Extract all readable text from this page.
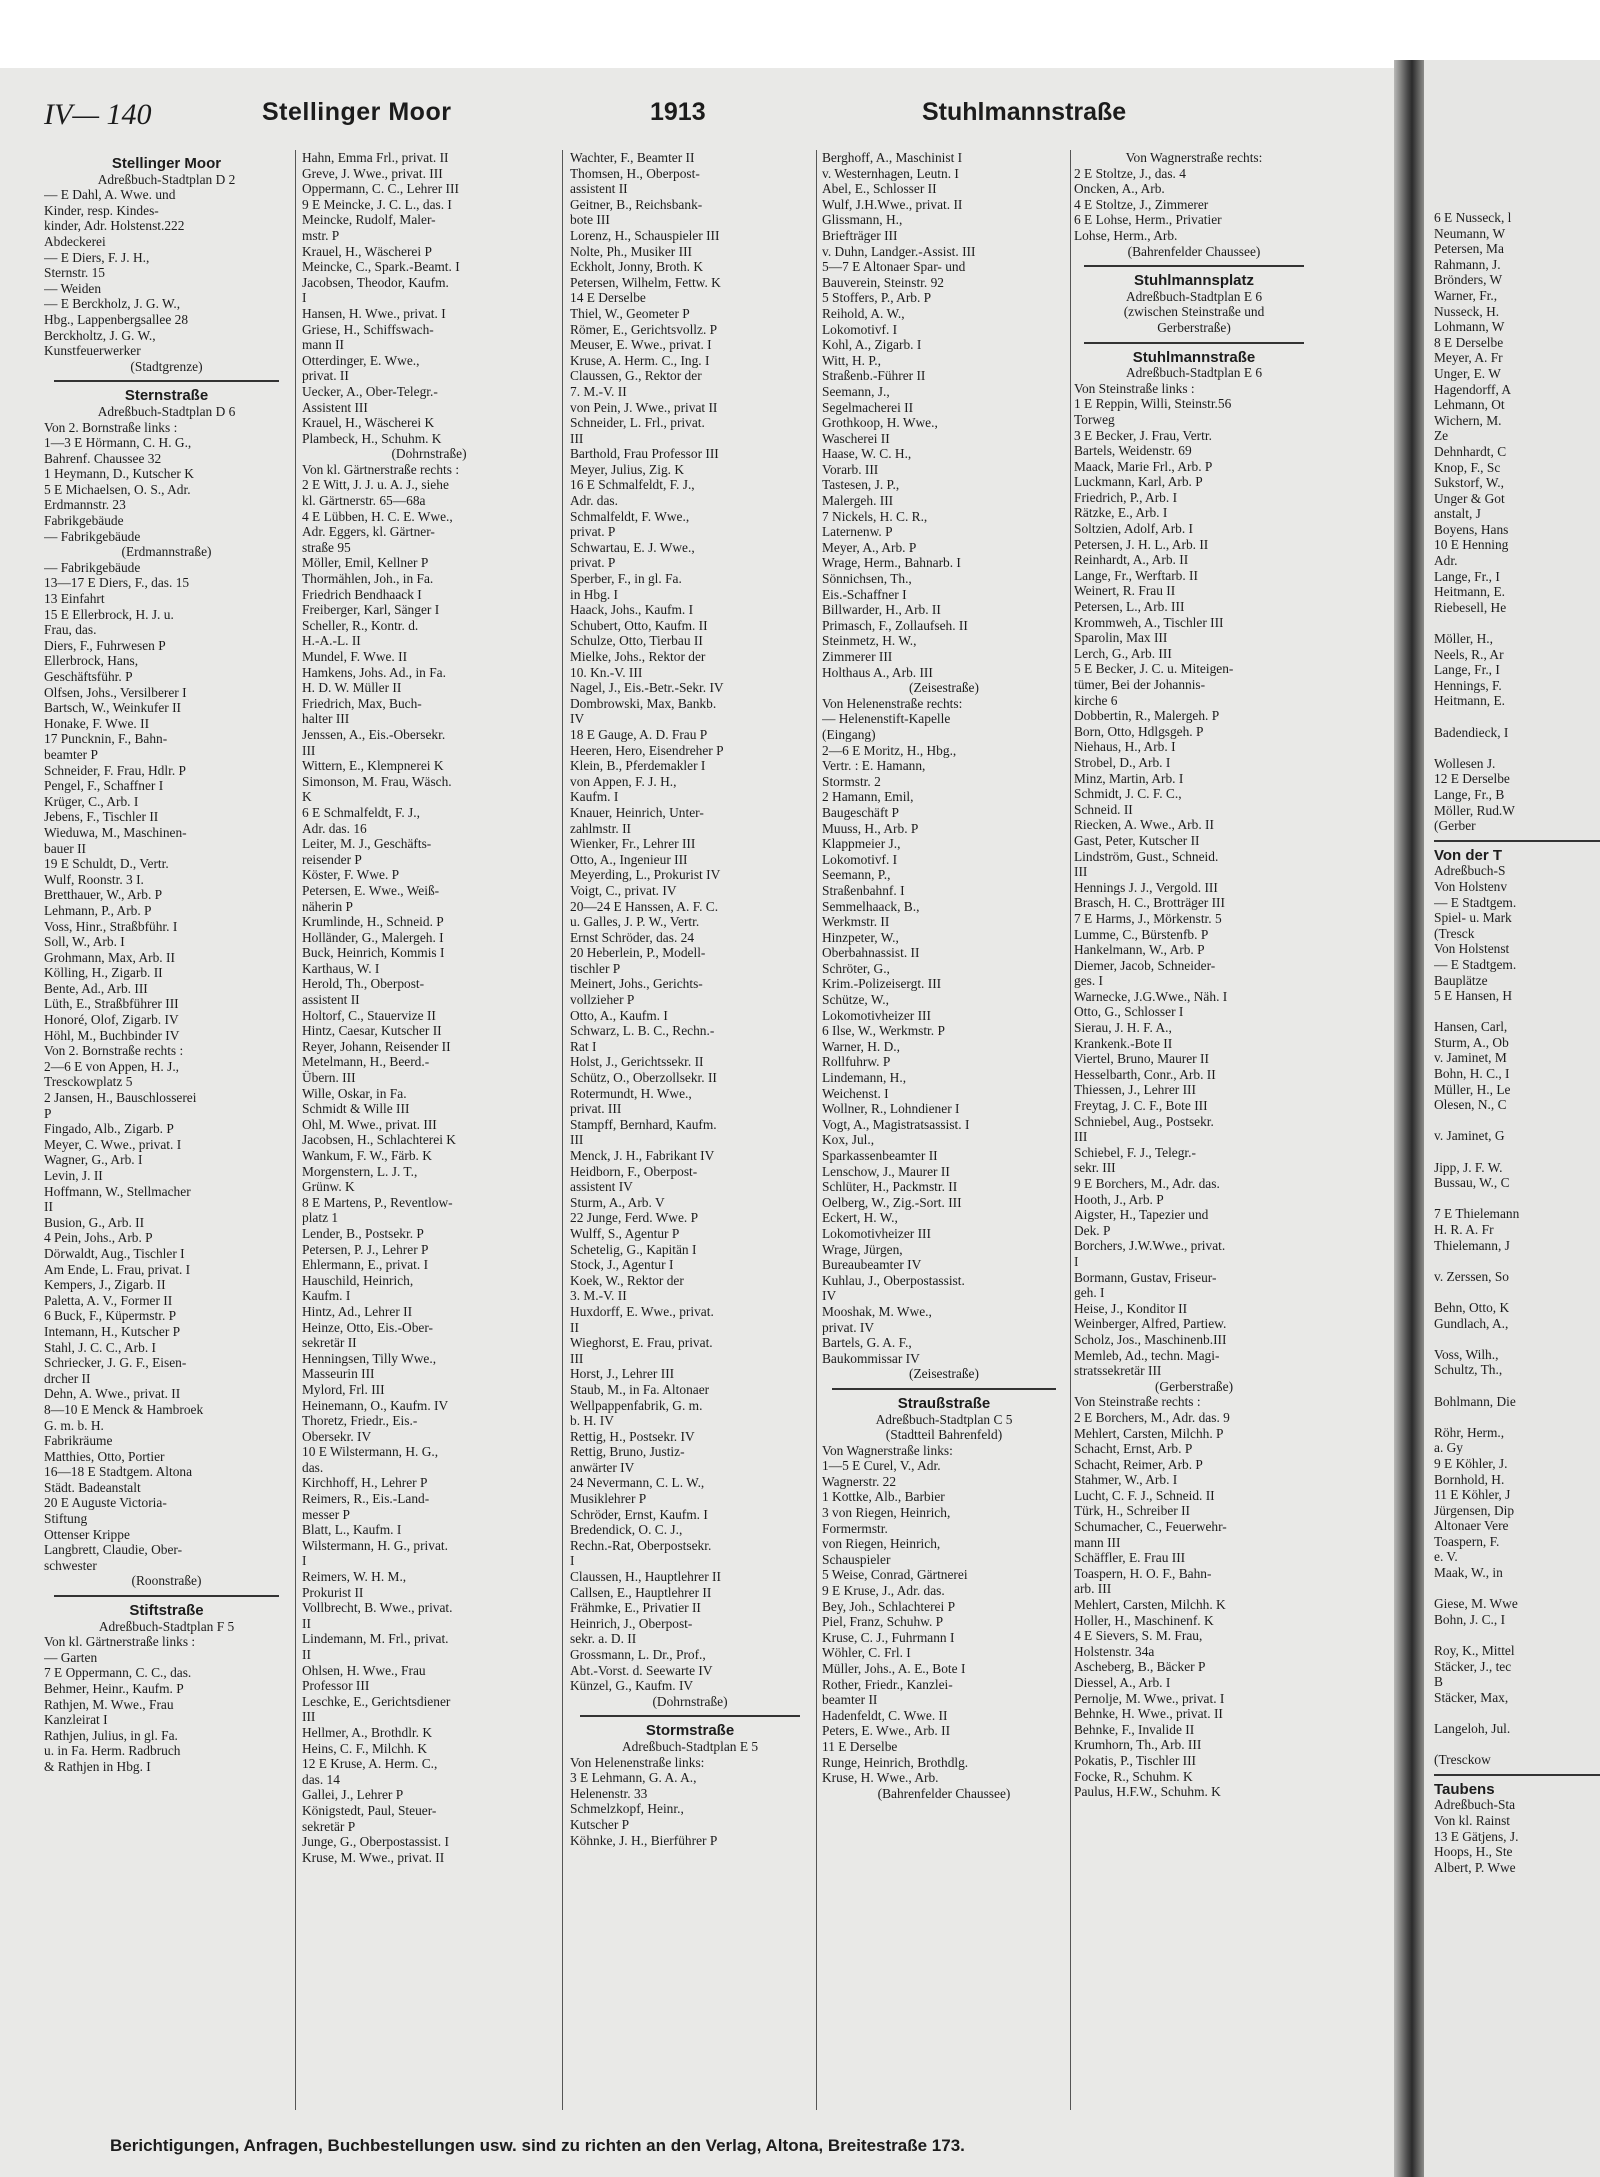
6 E Nusseck, l
Neumann, W
Petersen, Ma
Rahmann, J.
Brönders, W
Warner, Fr.,
Nusseck, H.
Lohmann, W
8 E Derselbe
Meyer, A. Fr
Unger, E. W
Hagendorff, A
Lehmann, Ot
Wichern, M.
Ze
Dehnhardt, C
Knop, F., Sc
Sukstorf, W.,
Unger & Got
anstalt, J
Boyens, Hans
10 E Henning
Adr.
Lange, Fr., I
Heitmann, E.
Riebesell, He

Möller, H.,
Neels, R., Ar
Lange, Fr., I
Hennings, F.
Heitmann, E.

Badendieck, I

Wollesen J.
12 E Derselbe
Lange, Fr., B
Möller, Rud.W
(Gerber
Von der T
Adreßbuch-S
Von Holstenv
— E Stadtgem.
Spiel- u. Mark
(Tresck
Von Holstenst
— E Stadtgem.
Bauplätze
5 E Hansen, H

Hansen, Carl,
Sturm, A., Ob
v. Jaminet, M
Bohn, H. C., I
Müller, H., Le
Olesen, N., C

v. Jaminet, G

Jipp, J. F. W.
Bussau, W., C

7 E Thielemann
H. R. A. Fr
Thielemann, J

v. Zerssen, So

Behn, Otto, K
Gundlach, A.,

Voss, Wilh.,
Schultz, Th.,

Bohlmann, Die

Röhr, Herm.,
a. Gy
9 E Köhler, J.
Bornhold, H.
11 E Köhler, J
Jürgensen, Dip
Altonaer Vere
Toaspern, F.
e. V.
Maak, W., in

Giese, M. Wwe
Bohn, J. C., I

Roy, K., Mittel
Stäcker, J., tec
B
Stäcker, Max,

Langeloh, Jul.

(Tresckow
Taubens
Adreßbuch-Sta
Von kl. Rainst
13 E Gätjens, J.
Hoops, H., Ste
Albert, P. Wwe
IV— 140	Stellinger Moor	1913	Stuhlmannstraße
Stellinger Moor
Adreßbuch-Stadtplan D 2
— E Dahl, A. Wwe. und
Kinder, resp. Kindes-
kinder, Adr. Holstenst.222
Abdeckerei
— E Diers, F. J. H.,
Sternstr. 15
— Weiden
— E Berckholz, J. G. W.,
Hbg., Lappenbergsallee 28
Berckholtz, J. G. W.,
Kunstfeuerwerker
(Stadtgrenze)
Sternstraße
Adreßbuch-Stadtplan D 6
Von 2. Bornstraße links :
1—3 E Hörmann, C. H. G.,
Bahrenf. Chaussee 32
1 Heymann, D., Kutscher K
5 E Michaelsen, O. S., Adr.
Erdmannstr. 23
Fabrikgebäude
— Fabrikgebäude
(Erdmannstraße)
— Fabrikgebäude
13—17 E Diers, F., das. 15
13 Einfahrt
15 E Ellerbrock, H. J. u.
Frau, das.
Diers, F., Fuhrwesen P
Ellerbrock, Hans,
Geschäftsführ. P
Olfsen, Johs., Versilberer I
Bartsch, W., Weinkufer II
Honake, F. Wwe. II
17 Puncknin, F., Bahn-
beamter P
Schneider, F. Frau, Hdlr. P
Pengel, F., Schaffner I
Krüger, C., Arb. I
Jebens, F., Tischler II
Wieduwa, M., Maschinen-
bauer II
19 E Schuldt, D., Vertr.
Wulf, Roonstr. 3 I.
Bretthauer, W., Arb. P
Lehmann, P., Arb. P
Voss, Hinr., Straßbführ. I
Soll, W., Arb. I
Grohmann, Max, Arb. II
Kölling, H., Zigarb. II
Bente, Ad., Arb. III
Lüth, E., Straßbführer III
Honoré, Olof, Zigarb. IV
Höhl, M., Buchbinder IV
Von 2. Bornstraße rechts :
2—6 E von Appen, H. J.,
Tresckowplatz 5
2 Jansen, H., Bauschlosserei
P
Fingado, Alb., Zigarb. P
Meyer, C. Wwe., privat. I
Wagner, G., Arb. I
Levin, J. II
Hoffmann, W., Stellmacher
II
Busion, G., Arb. II
4 Pein, Johs., Arb. P
Dörwaldt, Aug., Tischler I
Am Ende, L. Frau, privat. I
Kempers, J., Zigarb. II
Paletta, A. V., Former II
6 Buck, F., Küpermstr. P
Intemann, H., Kutscher P
Stahl, J. C. C., Arb. I
Schriecker, J. G. F., Eisen-
drcher II
Dehn, A. Wwe., privat. II
8—10 E Menck & Hambroek
G. m. b. H.
Fabrikräume
Matthies, Otto, Portier
16—18 E Stadtgem. Altona
Städt. Badeanstalt
20 E Auguste Victoria-
Stiftung
Ottenser Krippe
Langbrett, Claudie, Ober-
schwester
(Roonstraße)
Stiftstraße
Adreßbuch-Stadtplan F 5
Von kl. Gärtnerstraße links :
— Garten
7 E Oppermann, C. C., das.
Behmer, Heinr., Kaufm. P
Rathjen, M. Wwe., Frau
Kanzleirat I
Rathjen, Julius, in gl. Fa.
u. in Fa. Herm. Radbruch
& Rathjen in Hbg. I
Hahn, Emma Frl., privat. II
Greve, J. Wwe., privat. III
Oppermann, C. C., Lehrer III
9 E Meincke, J. C. L., das. I
Meincke, Rudolf, Maler-
mstr. P
Krauel, H., Wäscherei P
Meincke, C., Spark.-Beamt. I
Jacobsen, Theodor, Kaufm.
I
Hansen, H. Wwe., privat. I
Griese, H., Schiffswach-
mann II
Otterdinger, E. Wwe.,
privat. II
Uecker, A., Ober-Telegr.-
Assistent III
Krauel, H., Wäscherei K
Plambeck, H., Schuhm. K
(Dohrnstraße)
Von kl. Gärtnerstraße rechts :
2 E Witt, J. J. u. A. J., siehe
kl. Gärtnerstr. 65—68a
4 E Lübben, H. C. E. Wwe.,
Adr. Eggers, kl. Gärtner-
straße 95
Möller, Emil, Kellner P
Thormählen, Joh., in Fa.
Friedrich Bendhaack I
Freiberger, Karl, Sänger I
Scheller, R., Kontr. d.
H.-A.-L. II
Mundel, F. Wwe. II
Hamkens, Johs. Ad., in Fa.
H. D. W. Müller II
Friedrich, Max, Buch-
halter III
Jenssen, A., Eis.-Obersekr.
III
Wittern, E., Klempnerei K
Simonson, M. Frau, Wäsch.
K
6 E Schmalfeldt, F. J.,
Adr. das. 16
Leiter, M. J., Geschäfts-
reisender P
Köster, F. Wwe. P
Petersen, E. Wwe., Weiß-
näherin P
Krumlinde, H., Schneid. P
Holländer, G., Malergeh. I
Buck, Heinrich, Kommis I
Karthaus, W. I
Herold, Th., Oberpost-
assistent II
Holtorf, C., Stauervize II
Hintz, Caesar, Kutscher II
Reyer, Johann, Reisender II
Metelmann, H., Beerd.-
Übern. III
Wille, Oskar, in Fa.
Schmidt & Wille III
Ohl, M. Wwe., privat. III
Jacobsen, H., Schlachterei K
Wankum, F. W., Färb. K
Morgenstern, L. J. T.,
Grünw. K
8 E Martens, P., Reventlow-
platz 1
Lender, B., Postsekr. P
Petersen, P. J., Lehrer P
Ehlermann, E., privat. I
Hauschild, Heinrich,
Kaufm. I
Hintz, Ad., Lehrer II
Heinze, Otto, Eis.-Ober-
sekretär II
Henningsen, Tilly Wwe.,
Masseurin III
Mylord, Frl. III
Heinemann, O., Kaufm. IV
Thoretz, Friedr., Eis.-
Obersekr. IV
10 E Wilstermann, H. G.,
das.
Kirchhoff, H., Lehrer P
Reimers, R., Eis.-Land-
messer P
Blatt, L., Kaufm. I
Wilstermann, H. G., privat.
I
Reimers, W. H. M.,
Prokurist II
Vollbrecht, B. Wwe., privat.
II
Lindemann, M. Frl., privat.
II
Ohlsen, H. Wwe., Frau
Professor III
Leschke, E., Gerichtsdiener
III
Hellmer, A., Brothdlr. K
Heins, C. F., Milchh. K
12 E Kruse, A. Herm. C.,
das. 14
Gallei, J., Lehrer P
Königstedt, Paul, Steuer-
sekretär P
Junge, G., Oberpostassist. I
Kruse, M. Wwe., privat. II
Wachter, F., Beamter II
Thomsen, H., Oberpost-
assistent II
Geitner, B., Reichsbank-
bote III
Lorenz, H., Schauspieler III
Nolte, Ph., Musiker III
Eckholt, Jonny, Broth. K
Petersen, Wilhelm, Fettw. K
14 E Derselbe
Thiel, W., Geometer P
Römer, E., Gerichtsvollz. P
Meuser, E. Wwe., privat. I
Kruse, A. Herm. C., Ing. I
Claussen, G., Rektor der
7. M.-V. II
von Pein, J. Wwe., privat II
Schneider, L. Frl., privat.
III
Barthold, Frau Professor III
Meyer, Julius, Zig. K
16 E Schmalfeldt, F. J.,
Adr. das.
Schmalfeldt, F. Wwe.,
privat. P
Schwartau, E. J. Wwe.,
privat. P
Sperber, F., in gl. Fa.
in Hbg. I
Haack, Johs., Kaufm. I
Schubert, Otto, Kaufm. II
Schulze, Otto, Tierbau II
Mielke, Johs., Rektor der
10. Kn.-V. III
Nagel, J., Eis.-Betr.-Sekr. IV
Dombrowski, Max, Bankb.
IV
18 E Gauge, A. D. Frau P
Heeren, Hero, Eisendreher P
Klein, B., Pferdemakler I
von Appen, F. J. H.,
Kaufm. I
Knauer, Heinrich, Unter-
zahlmstr. II
Wienker, Fr., Lehrer III
Otto, A., Ingenieur III
Meyerding, L., Prokurist IV
Voigt, C., privat. IV
20—24 E Hanssen, A. F. C.
u. Galles, J. P. W., Vertr.
Ernst Schröder, das. 24
20 Heberlein, P., Modell-
tischler P
Meinert, Johs., Gerichts-
vollzieher P
Otto, A., Kaufm. I
Schwarz, L. B. C., Rechn.-
Rat I
Holst, J., Gerichtssekr. II
Schütz, O., Oberzollsekr. II
Rotermundt, H. Wwe.,
privat. III
Stampff, Bernhard, Kaufm.
III
Menck, J. H., Fabrikant IV
Heidborn, F., Oberpost-
assistent IV
Sturm, A., Arb. V
22 Junge, Ferd. Wwe. P
Wulff, S., Agentur P
Schetelig, G., Kapitän I
Stock, J., Agentur I
Koek, W., Rektor der
3. M.-V. II
Huxdorff, E. Wwe., privat.
II
Wieghorst, E. Frau, privat.
III
Horst, J., Lehrer III
Staub, M., in Fa. Altonaer
Wellpappenfabrik, G. m.
b. H. IV
Rettig, H., Postsekr. IV
Rettig, Bruno, Justiz-
anwärter IV
24 Nevermann, C. L. W.,
Musiklehrer P
Schröder, Ernst, Kaufm. I
Bredendick, O. C. J.,
Rechn.-Rat, Oberpostsekr.
I
Claussen, H., Hauptlehrer II
Callsen, E., Hauptlehrer II
Frähmke, E., Privatier II
Heinrich, J., Oberpost-
sekr. a. D. II
Grossmann, L. Dr., Prof.,
Abt.-Vorst. d. Seewarte IV
Künzel, G., Kaufm. IV
(Dohrnstraße)
Stormstraße
Adreßbuch-Stadtplan E 5
Von Helenenstraße links:
3 E Lehmann, G. A. A.,
Helenenstr. 33
Schmelzkopf, Heinr.,
Kutscher P
Köhnke, J. H., Bierführer P
Berghoff, A., Maschinist I
v. Westernhagen, Leutn. I
Abel, E., Schlosser II
Wulf, J.H.Wwe., privat. II
Glissmann, H.,
Briefträger III
v. Duhn, Landger.-Assist. III
5—7 E Altonaer Spar- und
Bauverein, Steinstr. 92
5 Stoffers, P., Arb. P
Reihold, A. W.,
Lokomotivf. I
Kohl, A., Zigarb. I
Witt, H. P.,
Straßenb.-Führer II
Seemann, J.,
Segelmacherei II
Grothkoop, H. Wwe.,
Wascherei II
Haase, W. C. H.,
Vorarb. III
Tastesen, J. P.,
Malergeh. III
7 Nickels, H. C. R.,
Laternenw. P
Meyer, A., Arb. P
Wrage, Herm., Bahnarb. I
Sönnichsen, Th.,
Eis.-Schaffner I
Billwarder, H., Arb. II
Primasch, F., Zollaufseh. II
Steinmetz, H. W.,
Zimmerer III
Holthaus A., Arb. III
(Zeisestraße)
Von Helenenstraße rechts:
— Helenenstift-Kapelle
(Eingang)
2—6 E Moritz, H., Hbg.,
Vertr. : E. Hamann,
Stormstr. 2
2 Hamann, Emil,
Baugeschäft P
Muuss, H., Arb. P
Klappmeier J.,
Lokomotivf. I
Seemann, P.,
Straßenbahnf. I
Semmelhaack, B.,
Werkmstr. II
Hinzpeter, W.,
Oberbahnassist. II
Schröter, G.,
Krim.-Polizeisergt. III
Schütze, W.,
Lokomotivheizer III
6 Ilse, W., Werkmstr. P
Warner, H. D.,
Rollfuhrw. P
Lindemann, H.,
Weichenst. I
Wollner, R., Lohndiener I
Vogt, A., Magistratsassist. I
Kox, Jul.,
Sparkassenbeamter II
Lenschow, J., Maurer II
Schlüter, H., Packmstr. II
Oelberg, W., Zig.-Sort. III
Eckert, H. W.,
Lokomotivheizer III
Wrage, Jürgen,
Bureaubeamter IV
Kuhlau, J., Oberpostassist.
IV
Mooshak, M. Wwe.,
privat. IV
Bartels, G. A. F.,
Baukommissar IV
(Zeisestraße)
Straußstraße
Adreßbuch-Stadtplan C 5
(Stadtteil Bahrenfeld)
Von Wagnerstraße links:
1—5 E Curel, V., Adr.
Wagnerstr. 22
1 Kottke, Alb., Barbier
3 von Riegen, Heinrich,
Formermstr.
von Riegen, Heinrich,
Schauspieler
5 Weise, Conrad, Gärtnerei
9 E Kruse, J., Adr. das.
Bey, Joh., Schlachterei P
Piel, Franz, Schuhw. P
Kruse, C. J., Fuhrmann I
Wöhler, C. Frl. I
Müller, Johs., A. E., Bote I
Rother, Friedr., Kanzlei-
beamter II
Hadenfeldt, C. Wwe. II
Peters, E. Wwe., Arb. II
11 E Derselbe
Runge, Heinrich, Brothdlg.
Kruse, H. Wwe., Arb.
(Bahrenfelder Chaussee)
Von Wagnerstraße rechts:
2 E Stoltze, J., das. 4
Oncken, A., Arb.
4 E Stoltze, J., Zimmerer
6 E Lohse, Herm., Privatier
Lohse, Herm., Arb.
(Bahrenfelder Chaussee)
Stuhlmannsplatz
Adreßbuch-Stadtplan E 6
(zwischen Steinstraße und
Gerberstraße)
Stuhlmannstraße
Adreßbuch-Stadtplan E 6
Von Steinstraße links :
1 E Reppin, Willi, Steinstr.56
Torweg
3 E Becker, J. Frau, Vertr.
Bartels, Weidenstr. 69
Maack, Marie Frl., Arb. P
Luckmann, Karl, Arb. P
Friedrich, P., Arb. I
Rätzke, E., Arb. I
Soltzien, Adolf, Arb. I
Petersen, J. H. L., Arb. II
Reinhardt, A., Arb. II
Lange, Fr., Werftarb. II
Weinert, R. Frau II
Petersen, L., Arb. III
Krommweh, A., Tischler III
Sparolin, Max III
Lerch, G., Arb. III
5 E Becker, J. C. u. Miteigen-
tümer, Bei der Johannis-
kirche 6
Dobbertin, R., Malergeh. P
Born, Otto, Hdlgsgeh. P
Niehaus, H., Arb. I
Strobel, D., Arb. I
Minz, Martin, Arb. I
Schmidt, J. C. F. C.,
Schneid. II
Riecken, A. Wwe., Arb. II
Gast, Peter, Kutscher II
Lindström, Gust., Schneid.
III
Hennings J. J., Vergold. III
Brasch, H. C., Brotträger III
7 E Harms, J., Mörkenstr. 5
Lumme, C., Bürstenfb. P
Hankelmann, W., Arb. P
Diemer, Jacob, Schneider-
ges. I
Warnecke, J.G.Wwe., Näh. I
Otto, G., Schlosser I
Sierau, J. H. F. A.,
Krankenk.-Bote II
Viertel, Bruno, Maurer II
Hesselbarth, Conr., Arb. II
Thiessen, J., Lehrer III
Freytag, J. C. F., Bote III
Schniebel, Aug., Postsekr.
III
Schiebel, F. J., Telegr.-
sekr. III
9 E Borchers, M., Adr. das.
Hooth, J., Arb. P
Aigster, H., Tapezier und
Dek. P
Borchers, J.W.Wwe., privat.
I
Bormann, Gustav, Friseur-
geh. I
Heise, J., Konditor II
Weinberger, Alfred, Partiew.
Scholz, Jos., Maschinenb.III
Memleb, Ad., techn. Magi-
stratssekretär III
(Gerberstraße)
Von Steinstraße rechts :
2 E Borchers, M., Adr. das. 9
Mehlert, Carsten, Milchh. P
Schacht, Ernst, Arb. P
Schacht, Reimer, Arb. P
Stahmer, W., Arb. I
Lucht, C. F. J., Schneid. II
Türk, H., Schreiber II
Schumacher, C., Feuerwehr-
mann III
Schäffler, E. Frau III
Toaspern, H. O. F., Bahn-
arb. III
Mehlert, Carsten, Milchh. K
Holler, H., Maschinenf. K
4 E Sievers, S. M. Frau,
Holstenstr. 34a
Ascheberg, B., Bäcker P
Diessel, A., Arb. I
Pernolje, M. Wwe., privat. I
Behnke, H. Wwe., privat. II
Behnke, F., Invalide II
Krumhorn, Th., Arb. III
Pokatis, P., Tischler III
Focke, R., Schuhm. K
Paulus, H.F.W., Schuhm. K
Berichtigungen, Anfragen, Buchbestellungen usw. sind zu richten an den Verlag, Altona, Breitestraße 173.
